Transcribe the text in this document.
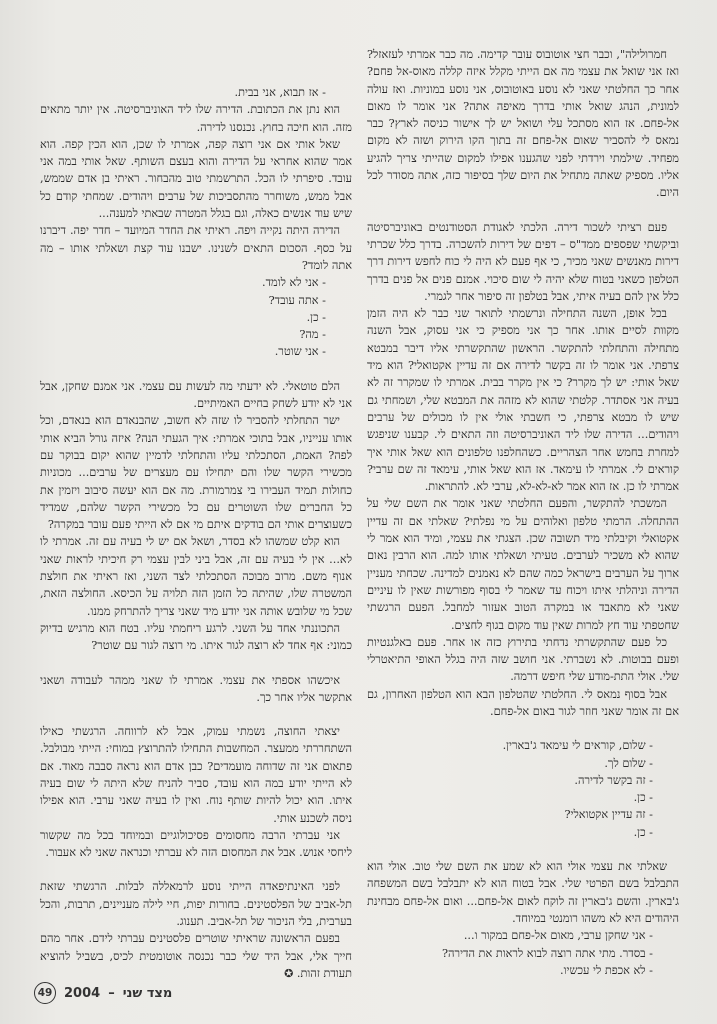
חמרולילה", וכבר חצי אוטובוס עובר קדימה. מה כבר אמרתי לעזאזל? ואז אני שואל את עצמי מה אם הייתי מקלל איזה קללה מאוס-אל פחם? אחר כך החלטתי שאני לא נוסע באוטובוס, אני נוסע במוניות. ואז עולה למונית, הנהג שואל אותי בדרך מאיפה אתה? אני אומר לו מאום אל-פחם. אז הוא מסתכל עלי ושואל יש לך אישור כניסה לארץ? כבר נמאס לי להסביר שאום אל-פחם זה בתוך הקו הירוק ושזה לא מקום מפחיד. שילמתי וירדתי לפני שהגענו אפילו למקום שהייתי צריך להגיע אליו. מספיק שאתה מתחיל את היום שלך בסיפור כזה, אתה מסודר לכל היום.

פעם רציתי לשכור דירה. הלכתי לאגודת הסטודנטים באוניברסיטה וביקשתי שפספים ממד"ס – דפים של דירות להשכרה. בדרך כלל שכרתי דירות מאנשים שאני מכיר, כי אף פעם לא היה לי כוח לחפש דירות דרך הטלפון כשאני בטוח שלא יהיה לי שום סיכוי. אמנם פנים אל פנים בדרך כלל אין להם בעיה איתי, אבל בטלפון זה סיפור אחר לגמרי.

בכל אופן, השנה התחילה ונרשמתי לתואר שני כבר לא היה הזמן מקוות לסיים אותו. אחר כך אני מספיק כי אני עסוק, אבל השנה מתחילה והתחלתי להתקשר. הראשון שהתקשרתי אליו דיבר במבטא צרפתי. אני אומר לו זה בקשר לדירה אם זה עדיין אקטואלי? הוא מיד שאל אותי: יש לך מקרר? כי אין מקרר בבית. אמרתי לו שמקרר זה לא בעיה אני אסתדר. קלטתי שהוא לא מזהה את המבטא שלי, ושמחתי גם שיש לו מבטא צרפתי, כי חשבתי אולי אין לו מכולים של ערבים ויהודים... הדירה שלו ליד האוניברסיטה וזה התאים לי. קבענו שניפגש למחרת בחמש אחר הצהריים. כשהחלפנו טלפונים הוא שאל אותי איך קוראים לי. אמרתי לו עימאד. אז הוא שאל אותי, עימאד זה שם ערבי? אמרתי לו כן. אז הוא אמר לא-לא-לא, ערבי לא. להתראות.

המשכתי להתקשר, והפעם החלטתי שאני אומר את השם שלי על ההתחלה. הרמתי טלפון ואלוהים על מי נפלתי? שאלתי אם זה עדיין אקטואלי וקיבלתי מיד תשובה שכן. הצגתי את עצמי, ומיד הוא אמר לי שהוא לא משכיר לערבים. טעיתי ושאלתי אותו למה. הוא הרבין נאום ארוך על הערבים בישראל כמה שהם לא נאמנים למדינה. שכחתי מעניין הדירה וניהלתי איתו ויכוח עד שאמר לי בסוף מפורשות שאין לו עיניים שאני לא מתאבד או במקרה הטוב אעזור למחבל. הפעם הרגשתי שחטפתי עוד חץ למרות שאין עוד מקום בגוף לחצים.

כל פעם שהתקשרתי נדחתי בתירוץ כזה או אחר. פעם באלגנטיות ופעם בבוטות. לא נשברתי. אני חושב שזה היה בגלל האופי התיאטרלי שלי. אולי התת-מודע שלי חיפש דרמה.

אבל בסוף נמאס לי. החלטתי שהטלפון הבא הוא הטלפון האחרון, גם אם זה אומר שאני חוזר לגור באום אל-פחם.

- שלום, קוראים לי עימאד ג'בארין.

- שלום לך.

- זה בקשר לדירה.

- כן.

- זה עדיין אקטואלי?

- כן.

שאלתי את עצמי אולי הוא לא שמע את השם שלי טוב. אולי הוא התבלבל בשם הפרטי שלי. אבל בטוח הוא לא יתבלבל בשם המשפחה ג'בארין. והשם ג'בארין זה לוקח לאום אל-פחם... ואום אל-פחם מבחינת היהודים היא לא משהו רומנטי במיוחד.

- אני שחקן ערבי, מאום אל-פחם במקור ו...

- בסדר. מתי אתה רוצה לבוא לראות את הדירה?

- לא אכפת לי עכשיו.

- אז תבוא, אני בבית.

הוא נתן את הכתובת. הדירה שלו ליד האוניברסיטה. אין יותר מתאים מזה. הוא חיכה בחוץ. נכנסנו לדירה.

שאל אותי אם אני רוצה קפה, אמרתי לו שכן, הוא הכין קפה. הוא אמר שהוא אחראי על הדירה והוא בעצם השותף. שאל אותי במה אני עובד. סיפרתי לו הכל. התרשמתי טוב מהבחור. ראיתי בן אדם שממש, אבל ממש, משוחרר מהתסביכות של ערבים ויהודים. שמחתי קודם כל שיש עוד אנשים כאלה, וגם בגלל המטרה שבאתי למענה...

הדירה היתה נקייה ויפה. ראיתי את החדר המיועד – חדר יפה. דיברנו על כסף. הסכום התאים לשנינו. ישבנו עוד קצת ושאלתי אותו – מה אתה לומד?

- אני לא לומד.

- אתה עובד?

- כן.

- מה?

- אני שוטר.

הלם טוטאלי. לא ידעתי מה לעשות עם עצמי. אני אמנם שחקן, אבל אני לא יודע לשחק בחיים האמיתיים.

ישר התחלתי להסביר לו שזה לא חשוב, שהבנאדם הוא בנאדם, וכל אותו ענייניו, אבל בתוכי אמרתי: איך הגעתי הנה? איזה גורל הביא אותי לפה? האמת, הסתכלתי עליו והתחלתי לדמיין שהוא יקום בבוקר עם מכשירי הקשר שלו והם יתחילו עם מעצרים של ערבים... מכוניות כחולות תמיד העבירו בי צמרמורת. מה אם הוא יעשה סיבוב ויזמין את כל החברים שלו השוטרים עם כל מכשירי הקשר שלהם, שמדיד כשעוצרים אותי הם בודקים איתם מי אם לא הייתי פעם עובר במקרה?

הוא קלט שמשהו לא בסדר, ושאל אם יש לי בעיה עם זה. אמרתי לו לא... אין לי בעיה עם זה, אבל ביני לבין עצמי רק חיכיתי לראות שאני אנוף משם. מרוב מבוכה הסתכלתי לצד השני, ואז ראיתי את חולצת המשטרה שלו, שהיתה כל הזמן הזה תלויה על הכיסא. החולצה הזאת, שכל מי שלובש אותה אני יודע מיד שאני צריך להתרחק ממנו.

התכוננתי אחד על השני. לרגע ריחמתי עליו. בטח הוא מרגיש בדיוק כמוני: אף אחד לא רוצה לגור איתו. מי רוצה לגור עם שוטר?

איכשהו אספתי את עצמי. אמרתי לו שאני ממהר לעבודה ושאני אתקשר אליו אחר כך.

יצאתי החוצה, נשמתי עמוק, אבל לא לרווחה. הרגשתי כאילו השתחררתי ממעצר. המחשבות התחילו להתרוצץ במוחי: הייתי מבולבל. פתאום אני זה שדוחה מועמדים? כבן אדם הוא נראה סבבה מאוד. אם לא הייתי יודע במה הוא עובד, סביר להניח שלא היתה לי שום בעיה איתו. הוא יכול להיות שותף נוח. ואין לו בעיה שאני ערבי. הוא אפילו ניסה לשכנע אותי.

אני עברתי הרבה מחסומים פסיכולוגיים ובמיוחד בכל מה שקשור ליחסי אנוש. אבל את המחסום הזה לא עברתי וכנראה שאני לא אעבור.

לפני האינתיפאדה הייתי נוסע לרמאללה לבלות. הרגשתי שזאת תל-אביב של הפלסטינים. בחורות יפות, חיי לילה מעניינים, תרבות, והכל בערבית, בלי הניכור של תל-אביב. תענוג.

בפעם הראשונה שראיתי שוטרים פלסטינים עברתי לידם. אחר מהם חייך אלי, אבל היד שלי כבר נכנסה אוטומטית לכיס, בשביל להוציא תעודת זהות. ✪

49 2004 – מצד שני
